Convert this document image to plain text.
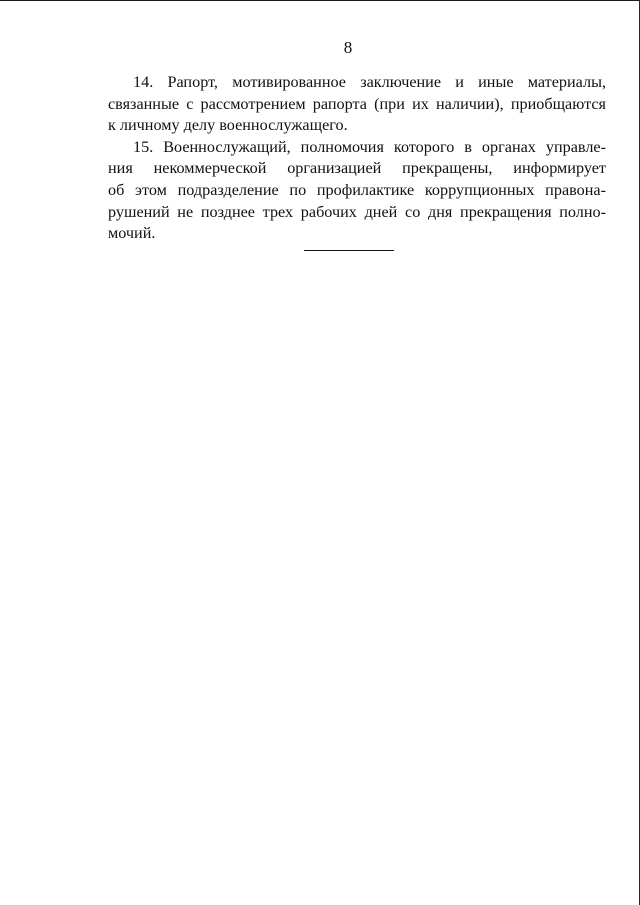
8
14. Рапорт, мотивированное заключение и иные материалы,
связанные с рассмотрением рапорта (при их наличии), приобщаются
к личному делу военнослужащего.
15. Военнослужащий, полномочия которого в органах управле-
ния некоммерческой организацией прекращены, информирует
об этом подразделение по профилактике коррупционных правона-
рушений не позднее трех рабочих дней со дня прекращения полно-
мочий.
